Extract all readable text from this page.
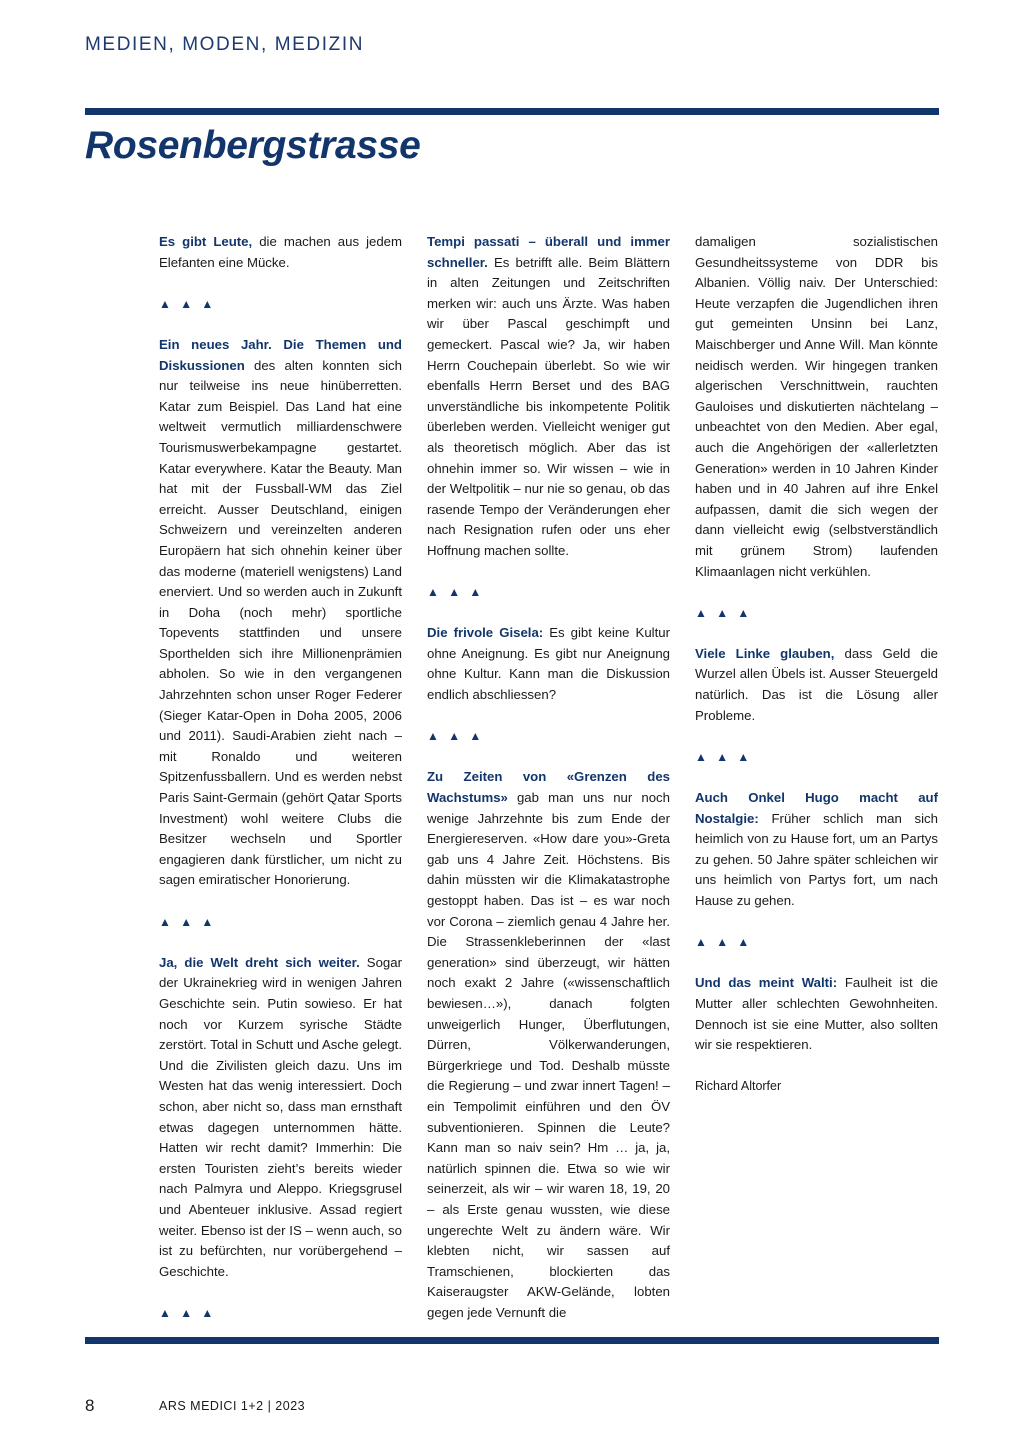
MEDIEN, MODEN, MEDIZIN
Rosenbergstrasse

Es gibt Leute, die machen aus jedem Elefanten eine Mücke.

▲ ▲ ▲

Ein neues Jahr. Die Themen und Diskussionen des alten konnten sich nur teilweise ins neue hinüberretten. Katar zum Beispiel. Das Land hat eine weltweit vermutlich milliardenschwere Tourismuswerbekampagne gestartet. Katar everywhere. Katar the Beauty. Man hat mit der Fussball-WM das Ziel erreicht. Ausser Deutschland, einigen Schweizern und vereinzelten anderen Europäern hat sich ohnehin keiner über das moderne (materiell wenigstens) Land enerviert. Und so werden auch in Zukunft in Doha (noch mehr) sportliche Topevents stattfinden und unsere Sporthelden sich ihre Millionenprämien abholen. So wie in den vergangenen Jahrzehnten schon unser Roger Federer (Sieger Katar-Open in Doha 2005, 2006 und 2011). Saudi-Arabien zieht nach – mit Ronaldo und weiteren Spitzenfussballern. Und es werden nebst Paris Saint-Germain (gehört Qatar Sports Investment) wohl weitere Clubs die Besitzer wechseln und Sportler engagieren dank fürstlicher, um nicht zu sagen emiratischer Honorierung.

▲ ▲ ▲

Ja, die Welt dreht sich weiter. Sogar der Ukrainekrieg wird in wenigen Jahren Geschichte sein. Putin sowieso. Er hat noch vor Kurzem syrische Städte zerstört. Total in Schutt und Asche gelegt. Und die Zivilisten gleich dazu. Uns im Westen hat das wenig interessiert. Doch schon, aber nicht so, dass man ernsthaft etwas dagegen unternommen hätte. Hatten wir recht damit? Immerhin: Die ersten Touristen zieht’s bereits wieder nach Palmyra und Aleppo. Kriegsgrusel und Abenteuer inklusive. Assad regiert weiter. Ebenso ist der IS – wenn auch, so ist zu befürchten, nur vorübergehend – Geschichte.

▲ ▲ ▲

Tempi passati – überall und immer schneller. Es betrifft alle. Beim Blättern in alten Zeitungen und Zeitschriften merken wir: auch uns Ärzte. Was haben wir über Pascal geschimpft und gemeckert. Pascal wie? Ja, wir haben Herrn Couchepain überlebt. So wie wir ebenfalls Herrn Berset und des BAG unverständliche bis inkompetente Politik überleben werden. Vielleicht weniger gut als theoretisch möglich. Aber das ist ohnehin immer so. Wir wissen – wie in der Weltpolitik – nur nie so genau, ob das rasende Tempo der Veränderungen eher nach Resignation rufen oder uns eher Hoffnung machen sollte.

▲ ▲ ▲

Die frivole Gisela: Es gibt keine Kultur ohne Aneignung. Es gibt nur Aneignung ohne Kultur. Kann man die Diskussion endlich abschliessen?

▲ ▲ ▲

Zu Zeiten von «Grenzen des Wachstums» gab man uns nur noch wenige Jahrzehnte bis zum Ende der Energiereserven. «How dare you»-Greta gab uns 4 Jahre Zeit. Höchstens. Bis dahin müssten wir die Klimakatastrophe gestoppt haben. Das ist – es war noch vor Corona – ziemlich genau 4 Jahre her. Die Strassenkleberinnen der «last generation» sind überzeugt, wir hätten noch exakt 2 Jahre («wissenschaftlich bewiesen…»), danach folgten unweigerlich Hunger, Überflutungen, Dürren, Völkerwanderungen, Bürgerkriege und Tod. Deshalb müsste die Regierung – und zwar innert Tagen! – ein Tempolimit einführen und den ÖV subventionieren. Spinnen die Leute? Kann man so naiv sein? Hm … ja, ja, natürlich spinnen die. Etwa so wie wir seinerzeit, als wir – wir waren 18, 19, 20 – als Erste genau wussten, wie diese ungerechte Welt zu ändern wäre. Wir klebten nicht, wir sassen auf Tramschienen, blockierten das Kaiseraugster AKW-Gelände, lobten gegen jede Vernunft die

damaligen sozialistischen Gesundheitssysteme von DDR bis Albanien. Völlig naiv. Der Unterschied: Heute verzapfen die Jugendlichen ihren gut gemeinten Unsinn bei Lanz, Maischberger und Anne Will. Man könnte neidisch werden. Wir hingegen tranken algerischen Verschnittwein, rauchten Gauloises und diskutierten nächtelang – unbeachtet von den Medien. Aber egal, auch die Angehörigen der «allerletzten Generation» werden in 10 Jahren Kinder haben und in 40 Jahren auf ihre Enkel aufpassen, damit die sich wegen der dann vielleicht ewig (selbstverständlich mit grünem Strom) laufenden Klimaanlagen nicht verkühlen.

▲ ▲ ▲

Viele Linke glauben, dass Geld die Wurzel allen Übels ist. Ausser Steuergeld natürlich. Das ist die Lösung aller Probleme.

▲ ▲ ▲

Auch Onkel Hugo macht auf Nostalgie: Früher schlich man sich heimlich von zu Hause fort, um an Partys zu gehen. 50 Jahre später schleichen wir uns heimlich von Partys fort, um nach Hause zu gehen.

▲ ▲ ▲

Und das meint Walti: Faulheit ist die Mutter aller schlechten Gewohnheiten. Dennoch ist sie eine Mutter, also sollten wir sie respektieren.

Richard Altorfer
8	ARS MEDICI 1+2 | 2023
